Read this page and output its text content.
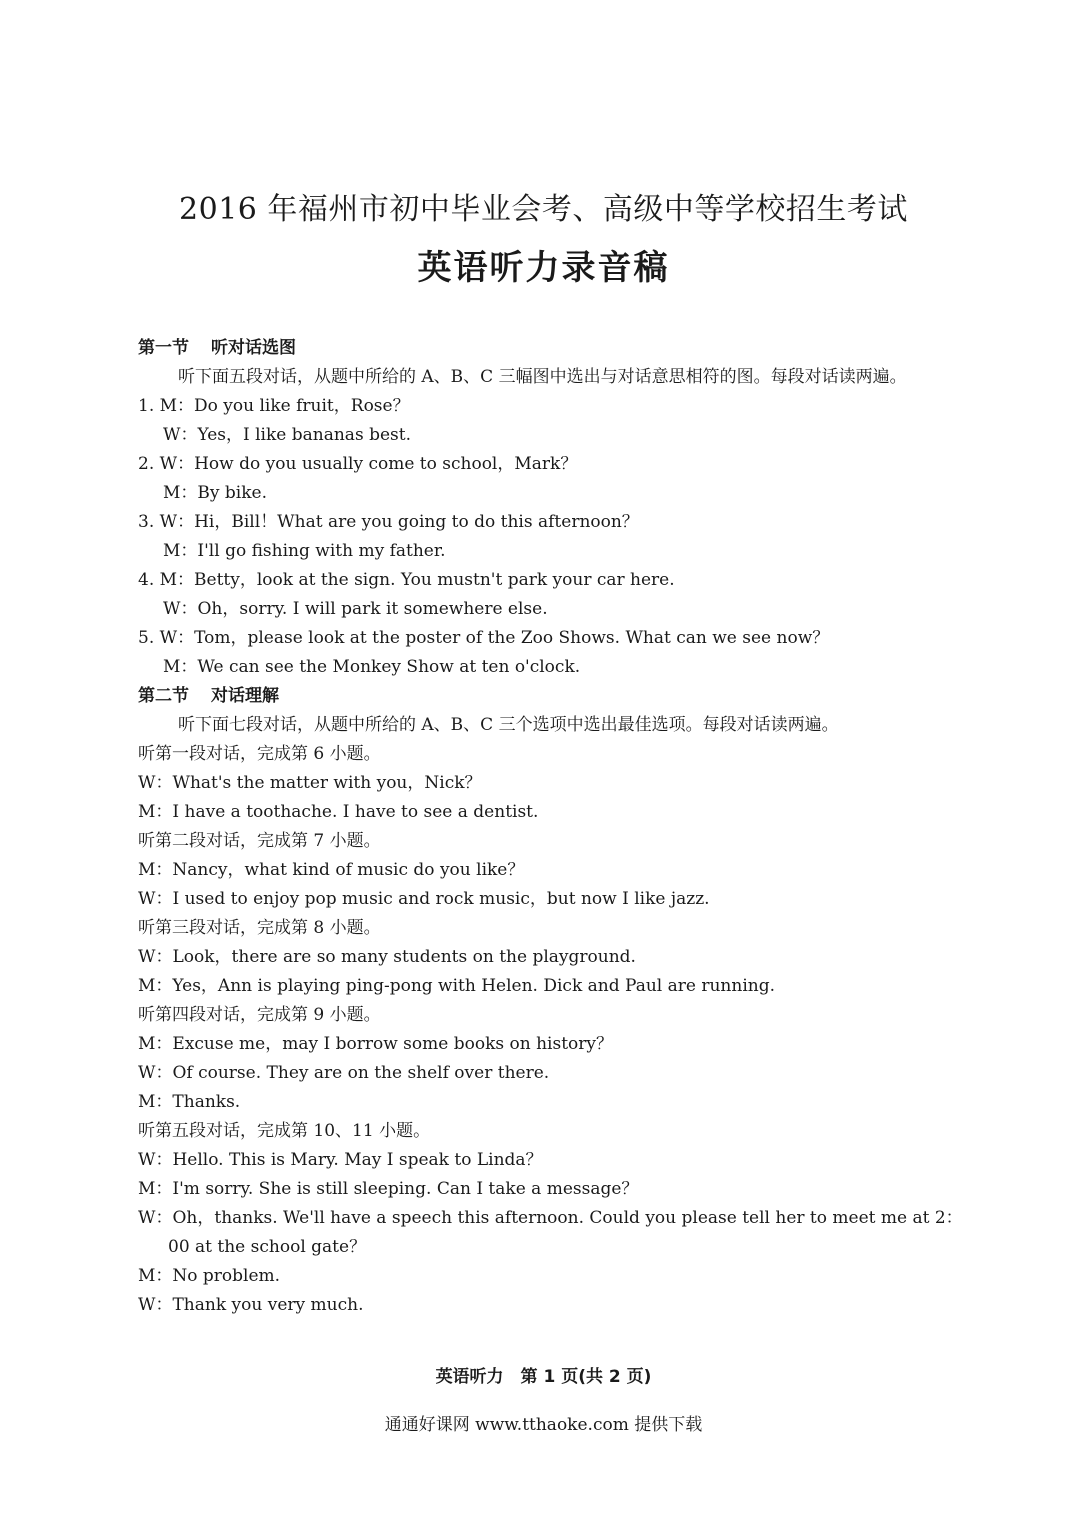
2016 年福州市初中毕业会考、高级中等学校招生考试
英语听力录音稿
第一节 听对话选图
听下面五段对话，从题中所给的 A、B、C 三幅图中选出与对话意思相符的图。每段对话读两遍。
1. M：Do you like fruit，Rose？
W：Yes，I like bananas best.
2. W：How do you usually come to school，Mark？
M：By bike.
3. W：Hi，Bill！What are you going to do this afternoon？
M：I'll go fishing with my father.
4. M：Betty，look at the sign. You mustn't park your car here.
W：Oh，sorry. I will park it somewhere else.
5. W：Tom，please look at the poster of the Zoo Shows. What can we see now？
M：We can see the Monkey Show at ten o'clock.
第二节 对话理解
听下面七段对话，从题中所给的 A、B、C 三个选项中选出最佳选项。每段对话读两遍。
听第一段对话，完成第 6 小题。
W：What's the matter with you，Nick？
M：I have a toothache. I have to see a dentist.
听第二段对话，完成第 7 小题。
M：Nancy，what kind of music do you like？
W：I used to enjoy pop music and rock music，but now I like jazz.
听第三段对话，完成第 8 小题。
W：Look，there are so many students on the playground.
M：Yes，Ann is playing ping-pong with Helen. Dick and Paul are running.
听第四段对话，完成第 9 小题。
M：Excuse me，may I borrow some books on history？
W：Of course. They are on the shelf over there.
M：Thanks.
听第五段对话，完成第 10、11 小题。
W：Hello. This is Mary. May I speak to Linda？
M：I'm sorry. She is still sleeping. Can I take a message？
W：Oh，thanks. We'll have a speech this afternoon. Could you please tell her to meet me at 2：00 at the school gate？
M：No problem.
W：Thank you very much.
英语听力　第 1 页(共 2 页)
通通好课网 www.tthaoke.com 提供下载
